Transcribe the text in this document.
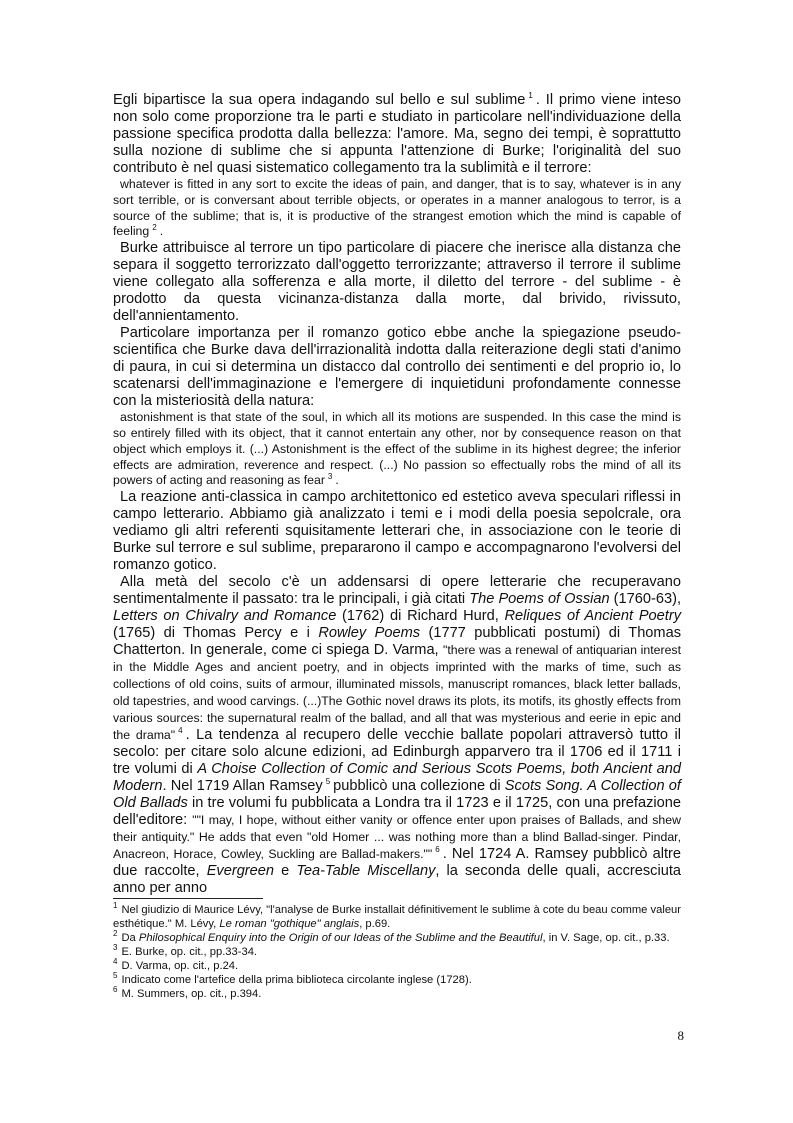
Egli bipartisce la sua opera indagando sul bello e sul sublime $^1$ . Il primo viene inteso non solo come proporzione tra le parti e studiato in particolare nell'individuazione della passione specifica prodotta dalla bellezza: l'amore. Ma, segno dei tempi, è soprattutto sulla nozione di sublime che si appunta l'attenzione di Burke; l'originalità del suo contributo è nel quasi sistematico collegamento tra la sublimità e il terrore:

whatever is fitted in any sort to excite the ideas of pain, and danger, that is to say, whatever is in any sort terrible, or is conversant about terrible objects, or operates in a manner analogous to terror, is a source of the sublime; that is, it is productive of the strangest emotion which the mind is capable of feeling $^2$ .

Burke attribuisce al terrore un tipo particolare di piacere che inerisce alla distanza che separa il soggetto terrorizzato dall'oggetto terrorizzante; attraverso il terrore il sublime viene collegato alla sofferenza e alla morte, il diletto del terrore - del sublime - è prodotto da questa vicinanza-distanza dalla morte, dal brivido, rivissuto, dell'annientamento.

Particolare importanza per il romanzo gotico ebbe anche la spiegazione pseudo-scientifica che Burke dava dell'irrazionalità indotta dalla reiterazione degli stati d'animo di paura, in cui si determina un distacco dal controllo dei sentimenti e del proprio io, lo scatenarsi dell'immaginazione e l'emergere di inquietiduni profondamente connesse con la misteriosità della natura:

astonishment is that state of the soul, in which all its motions are suspended. In this case the mind is so entirely filled with its object, that it cannot entertain any other, nor by consequence reason on that object which employs it. (...) Astonishment is the effect of the sublime in its highest degree; the inferior effects are admiration, reverence and respect. (...) No passion so effectually robs the mind of all its powers of acting and reasoning as fear $^3$ .

La reazione anti-classica in campo architettonico ed estetico aveva speculari riflessi in campo letterario. Abbiamo già analizzato i temi e i modi della poesia sepolcrale, ora vediamo gli altri referenti squisitamente letterari che, in associazione con le teorie di Burke sul terrore e sul sublime, prepararono il campo e accompagnarono l'evolversi del romanzo gotico.

Alla metà del secolo c'è un addensarsi di opere letterarie che recuperavano sentimentalmente il passato: tra le principali, i già citati The Poems of Ossian (1760-63), Letters on Chivalry and Romance (1762) di Richard Hurd, Reliques of Ancient Poetry (1765) di Thomas Percy e i Rowley Poems (1777 pubblicati postumi) di Thomas Chatterton. In generale, come ci spiega D. Varma, "there was a renewal of antiquarian interest in the Middle Ages and ancient poetry, and in objects imprinted with the marks of time, such as collections of old coins, suits of armour, illuminated missols, manuscript romances, black letter ballads, old tapestries, and wood carvings. (...)The Gothic novel draws its plots, its motifs, its ghostly effects from various sources: the supernatural realm of the ballad, and all that was mysterious and eerie in epic and the drama" $^4$ . La tendenza al recupero delle vecchie ballate popolari attraversò tutto il secolo: per citare solo alcune edizioni, ad Edinburgh apparvero tra il 1706 ed il 1711 i tre volumi di A Choise Collection of Comic and Serious Scots Poems, both Ancient and Modern. Nel 1719 Allan Ramsey $^5$ pubblicò una collezione di Scots Song. A Collection of Old Ballads in tre volumi fu pubblicata a Londra tra il 1723 e il 1725, con una prefazione dell'editore: ""I may, I hope, without either vanity or offence enter upon praises of Ballads, and shew their antiquity." He adds that even "old Homer ... was nothing more than a blind Ballad-singer. Pindar, Anacreon, Horace, Cowley, Suckling are Ballad-makers."" $^6$ . Nel 1724 A. Ramsey pubblicò altre due raccolte, Evergreen e Tea-Table Miscellany, la seconda delle quali, accresciuta anno per anno

$^1$ Nel giudizio di Maurice Lévy, "l'analyse de Burke installait définitivement le sublime à cote du beau comme valeur esthétique." M. Lévy, Le roman "gothique" anglais, p.69.

$^2$ Da Philosophical Enquiry into the Origin of our Ideas of the Sublime and the Beautiful, in V. Sage, op. cit., p.33.

$^3$ E. Burke, op. cit., pp.33-34.

$^4$ D. Varma, op. cit., p.24.

$^5$ Indicato come l'artefice della prima biblioteca circolante inglese (1728).

$^6$ M. Summers, op. cit., p.394.

8
